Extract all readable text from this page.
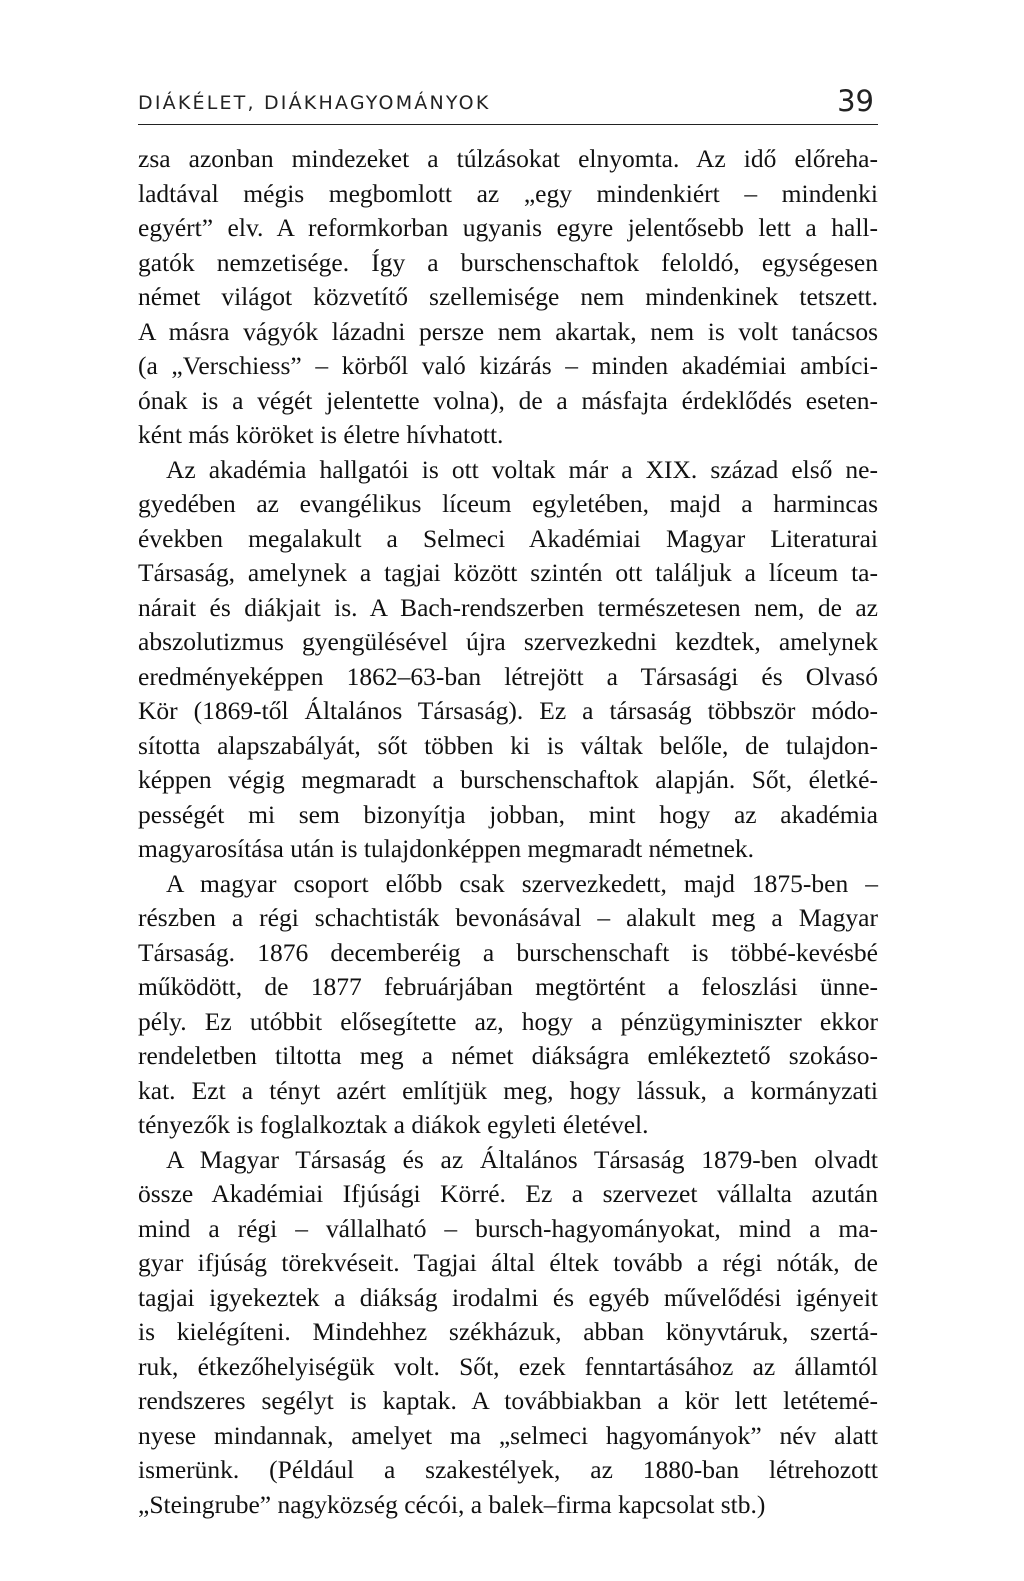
DIÁKÉLET, DIÁKHAGYOMÁNYOK	39
zsa azonban mindezeket a túlzásokat elnyomta. Az idő előreha-
ladtával mégis megbomlott az „egy mindenkiért – mindenki
egyért” elv. A reformkorban ugyanis egyre jelentősebb lett a hall-
gatók nemzetisége. Így a burschenschaftok feloldó, egységesen
német világot közvetítő szellemisége nem mindenkinek tetszett.
A másra vágyók lázadni persze nem akartak, nem is volt tanácsos
(a „Verschiess” – körből való kizárás – minden akadémiai ambíci-
ónak is a végét jelentette volna), de a másfajta érdeklődés eseten-
ként más köröket is életre hívhatott.
Az akadémia hallgatói is ott voltak már a XIX. század első ne-
gyedében az evangélikus líceum egyletében, majd a harmincas
években megalakult a Selmeci Akadémiai Magyar Literaturai
Társaság, amelynek a tagjai között szintén ott találjuk a líceum ta-
nárait és diákjait is. A Bach-rendszerben természetesen nem, de az
abszolutizmus gyengülésével újra szervezkedni kezdtek, amelynek
eredményeképpen 1862–63-ban létrejött a Társasági és Olvasó
Kör (1869-től Általános Társaság). Ez a társaság többször módo-
sította alapszabályát, sőt többen ki is váltak belőle, de tulajdon-
képpen végig megmaradt a burschenschaftok alapján. Sőt, életké-
pességét mi sem bizonyítja jobban, mint hogy az akadémia
magyarosítása után is tulajdonképpen megmaradt németnek.
A magyar csoport előbb csak szervezkedett, majd 1875-ben –
részben a régi schachtisták bevonásával – alakult meg a Magyar
Társaság. 1876 decemberéig a burschenschaft is többé-kevésbé
működött, de 1877 februárjában megtörtént a feloszlási ünne-
pély. Ez utóbbit elősegítette az, hogy a pénzügyminiszter ekkor
rendeletben tiltotta meg a német diákságra emlékeztető szokáso-
kat. Ezt a tényt azért említjük meg, hogy lássuk, a kormányzati
tényezők is foglalkoztak a diákok egyleti életével.
A Magyar Társaság és az Általános Társaság 1879-ben olvadt
össze Akadémiai Ifjúsági Körré. Ez a szervezet vállalta azután
mind a régi – vállalható – bursch-hagyományokat, mind a ma-
gyar ifjúság törekvéseit. Tagjai által éltek tovább a régi nóták, de
tagjai igyekeztek a diákság irodalmi és egyéb művelődési igényeit
is kielégíteni. Mindehhez székházuk, abban könyvtáruk, szertá-
ruk, étkezőhelyiségük volt. Sőt, ezek fenntartásához az államtól
rendszeres segélyt is kaptak. A továbbiakban a kör lett letétemé-
nyese mindannak, amelyet ma „selmeci hagyományok” név alatt
ismerünk. (Például a szakestélyek, az 1880-ban létrehozott
„Steingrube” nagyközség cécói, a balek–firma kapcsolat stb.)
